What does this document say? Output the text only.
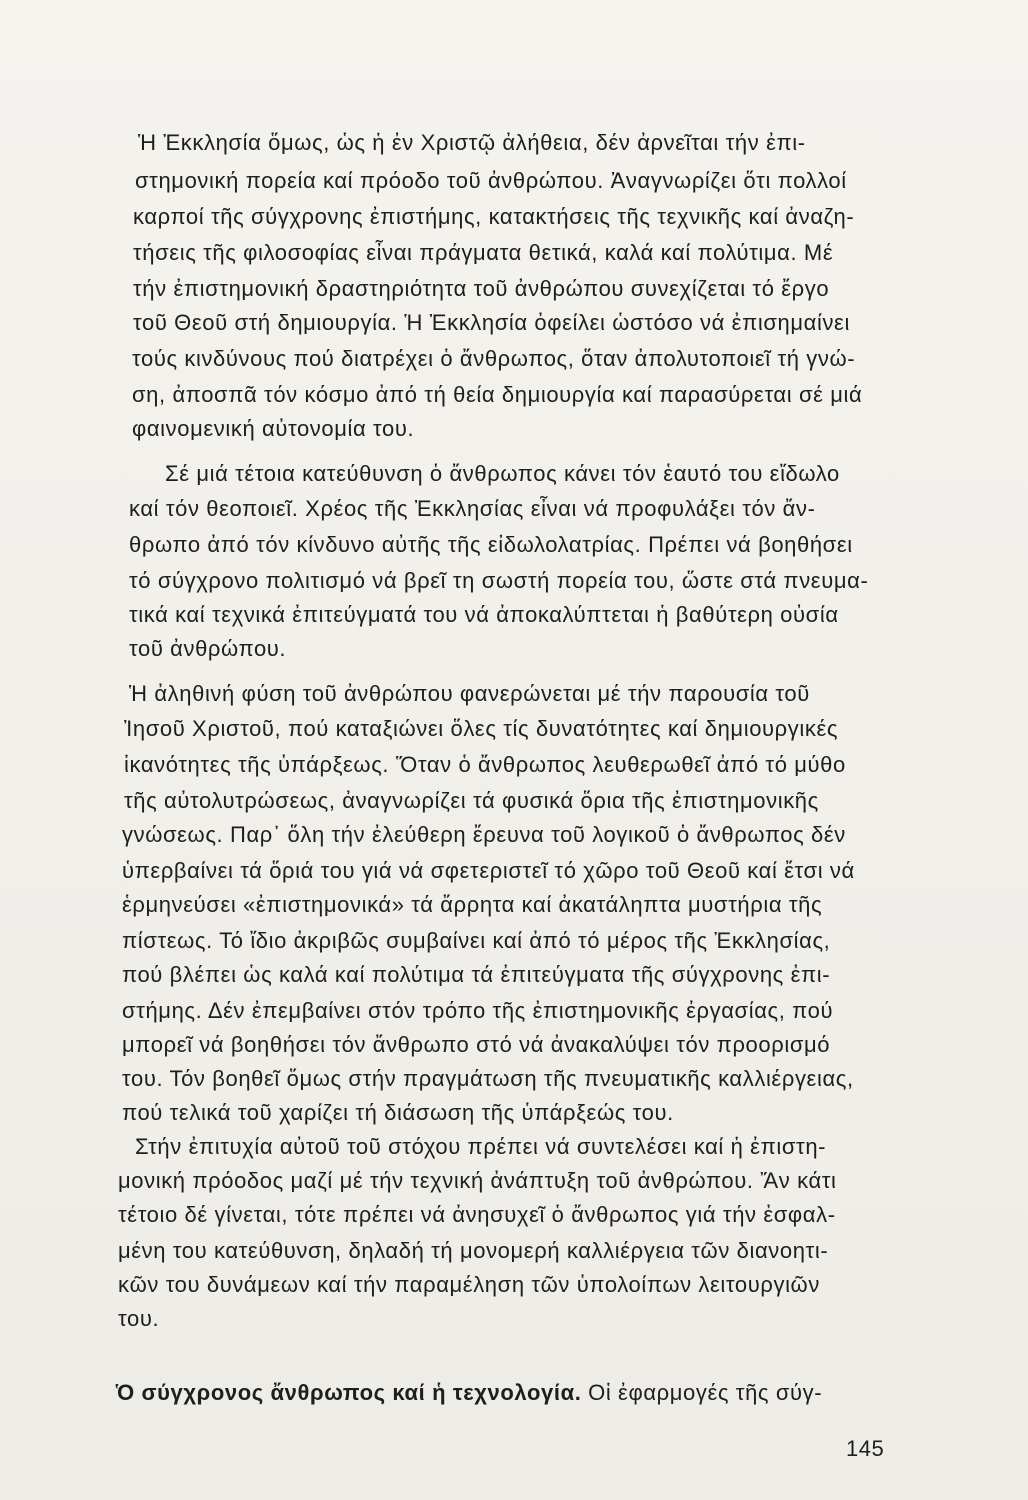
Ἡ Ἐκκλησία ὅμως, ὡς ἡ ἐν Χριστῷ ἀλήθεια, δέν ἀρνεῖται τήν ἐπι-
στημονική πορεία καί πρόοδο τοῦ ἀνθρώπου. Ἀναγνωρίζει ὅτι πολλοί
καρποί τῆς σύγχρονης ἐπιστήμης, κατακτήσεις τῆς τεχνικῆς καί ἀναζη-
τήσεις τῆς φιλοσοφίας εἶναι πράγματα θετικά, καλά καί πολύτιμα. Μέ
τήν ἐπιστημονική δραστηριότητα τοῦ ἀνθρώπου συνεχίζεται τό ἔργο
τοῦ Θεοῦ στή δημιουργία. Ἡ Ἐκκλησία ὀφείλει ὡστόσο νά ἐπισημαίνει
τούς κινδύνους πού διατρέχει ὁ ἄνθρωπος, ὅταν ἀπολυτοποιεῖ τή γνώ-
ση, ἀποσπᾶ τόν κόσμο ἀπό τή θεία δημιουργία καί παρασύρεται σέ μιά
φαινομενική αὐτονομία του.
Σέ μιά τέτοια κατεύθυνση ὁ ἄνθρωπος κάνει τόν ἑαυτό του εἴδωλο
καί τόν θεοποιεῖ. Χρέος τῆς Ἐκκλησίας εἶναι νά προφυλάξει τόν ἄν-
θρωπο ἀπό τόν κίνδυνο αὐτῆς τῆς εἰδωλολατρίας. Πρέπει νά βοηθήσει
τό σύγχρονο πολιτισμό νά βρεῖ τη σωστή πορεία του, ὥστε στά πνευμα-
τικά καί τεχνικά ἐπιτεύγματά του νά ἀποκαλύπτεται ἡ βαθύτερη οὐσία
τοῦ ἀνθρώπου.
Ἡ ἀληθινή φύση τοῦ ἀνθρώπου φανερώνεται μέ τήν παρουσία τοῦ
Ἰησοῦ Χριστοῦ, πού καταξιώνει ὅλες τίς δυνατότητες καί δημιουργικές
ἱκανότητες τῆς ὑπάρξεως. Ὅταν ὁ ἄνθρωπος λευθερωθεῖ ἀπό τό μύθο
τῆς αὐτολυτρώσεως, ἀναγνωρίζει τά φυσικά ὅρια τῆς ἐπιστημονικῆς
γνώσεως. Παρ᾽ ὅλη τήν ἐλεύθερη ἔρευνα τοῦ λογικοῦ ὁ ἄνθρωπος δέν
ὑπερβαίνει τά ὅριά του γιά νά σφετεριστεῖ τό χῶρο τοῦ Θεοῦ καί ἔτσι νά
ἑρμηνεύσει «ἐπιστημονικά» τά ἄρρητα καί ἀκατάληπτα μυστήρια τῆς
πίστεως. Τό ἴδιο ἀκριβῶς συμβαίνει καί ἀπό τό μέρος τῆς Ἐκκλησίας,
πού βλέπει ὡς καλά καί πολύτιμα τά ἐπιτεύγματα τῆς σύγχρονης ἐπι-
στήμης. Δέν ἐπεμβαίνει στόν τρόπο τῆς ἐπιστημονικῆς ἐργασίας, πού
μπορεῖ νά βοηθήσει τόν ἄνθρωπο στό νά ἀνακαλύψει τόν προορισμό
του. Τόν βοηθεῖ ὅμως στήν πραγμάτωση τῆς πνευματικῆς καλλιέργειας,
πού τελικά τοῦ χαρίζει τή διάσωση τῆς ὑπάρξεώς του.
Στήν ἐπιτυχία αὐτοῦ τοῦ στόχου πρέπει νά συντελέσει καί ἡ ἐπιστη-
μονική πρόοδος μαζί μέ τήν τεχνική ἀνάπτυξη τοῦ ἀνθρώπου. Ἄν κάτι
τέτοιο δέ γίνεται, τότε πρέπει νά ἀνησυχεῖ ὁ ἄνθρωπος γιά τήν ἐσφαλ-
μένη του κατεύθυνση, δηλαδή τή μονομερή καλλιέργεια τῶν διανοητι-
κῶν του δυνάμεων καί τήν παραμέληση τῶν ὑπολοίπων λειτουργιῶν
του.
Ὁ σύγχρονος ἄνθρωπος καί ἡ τεχνολογία. Οἱ ἐφαρμογές τῆς σύγ-
145
